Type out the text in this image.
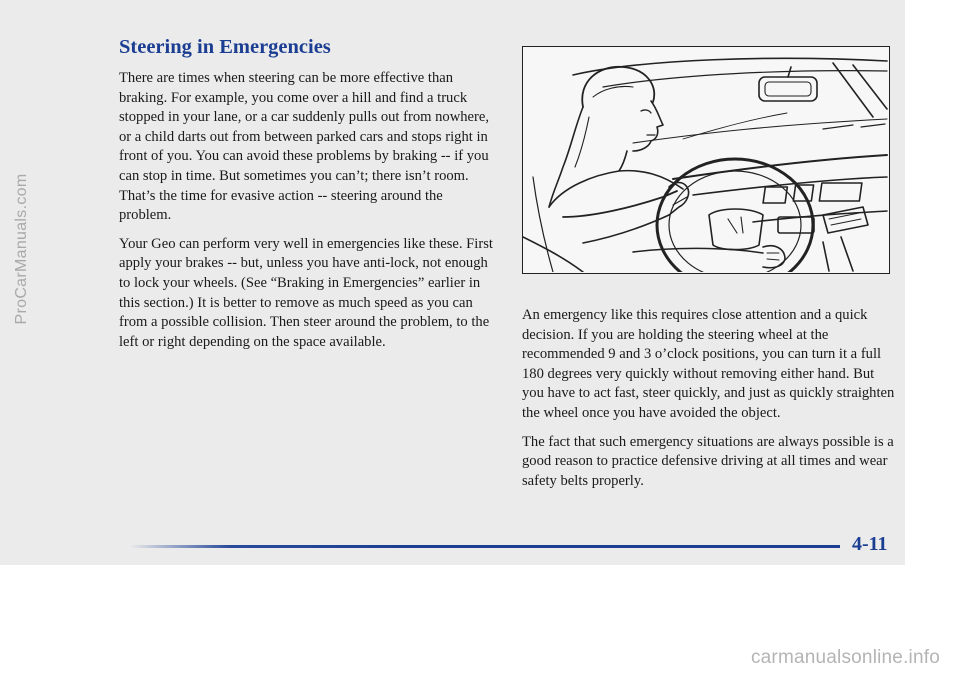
ProCarManuals.com
Steering in Emergencies

There are times when steering can be more effective than braking. For example, you come over a hill and find a truck stopped in your lane, or a car suddenly pulls out from nowhere, or a child darts out from between parked cars and stops right in front of you. You can avoid these problems by braking -- if you can stop in time. But sometimes you can’t; there isn’t room. That’s the time for evasive action -- steering around the problem.

Your Geo can perform very well in emergencies like these. First apply your brakes -- but, unless you have anti-lock, not enough to lock your wheels. (See “Braking in Emergencies” earlier in this section.) It is better to remove as much speed as you can from a possible collision. Then steer around the problem, to the left or right depending on the space available.

An emergency like this requires close attention and a quick decision. If you are holding the steering wheel at the recommended 9 and 3 o’clock positions, you can turn it a full 180 degrees very quickly without removing either hand. But you have to act fast, steer quickly, and just as quickly straighten the wheel once you have avoided the object.

The fact that such emergency situations are always possible is a good reason to practice defensive driving at all times and wear safety belts properly.

4-11
carmanualsonline.info
